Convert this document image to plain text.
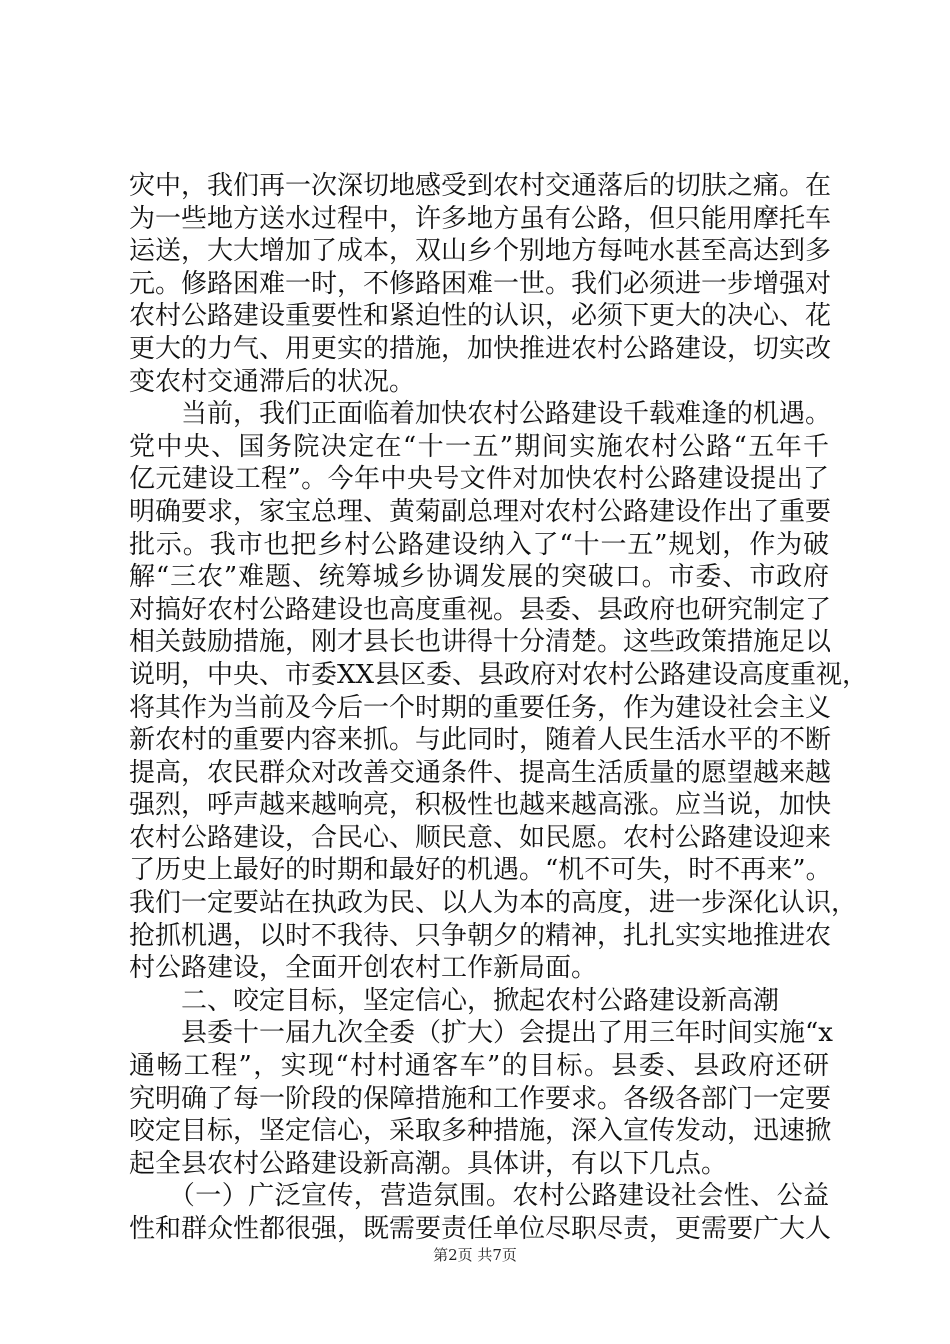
灾中，我们再一次深切地感受到农村交通落后的切肤之痛。在
为一些地方送水过程中，许多地方虽有公路，但只能用摩托车
运送，大大增加了成本，双山乡个别地方每吨水甚至高达到多
元。修路困难一时，不修路困难一世。我们必须进一步增强对
农村公路建设重要性和紧迫性的认识，必须下更大的决心、花
更大的力气、用更实的措施，加快推进农村公路建设，切实改
变农村交通滞后的状况。
　　当前，我们正面临着加快农村公路建设千载难逢的机遇。
党中央、国务院决定在“十一五”期间实施农村公路“五年千
亿元建设工程”。今年中央号文件对加快农村公路建设提出了
明确要求，家宝总理、黄菊副总理对农村公路建设作出了重要
批示。我市也把乡村公路建设纳入了“十一五”规划，作为破
解“三农”难题、统筹城乡协调发展的突破口。市委、市政府
对搞好农村公路建设也高度重视。县委、县政府也研究制定了
相关鼓励措施，刚才县长也讲得十分清楚。这些政策措施足以
说明，中央、市委XX县区委、县政府对农村公路建设高度重视，
将其作为当前及今后一个时期的重要任务，作为建设社会主义
新农村的重要内容来抓。与此同时，随着人民生活水平的不断
提高，农民群众对改善交通条件、提高生活质量的愿望越来越
强烈，呼声越来越响亮，积极性也越来越高涨。应当说，加快
农村公路建设，合民心、顺民意、如民愿。农村公路建设迎来
了历史上最好的时期和最好的机遇。“机不可失，时不再来”。
我们一定要站在执政为民、以人为本的高度，进一步深化认识，
抢抓机遇，以时不我待、只争朝夕的精神，扎扎实实地推进农
村公路建设，全面开创农村工作新局面。
　　二、咬定目标，坚定信心，掀起农村公路建设新高潮
　　县委十一届九次全委（扩大）会提出了用三年时间实施“x
通畅工程”，实现“村村通客车”的目标。县委、县政府还研
究明确了每一阶段的保障措施和工作要求。各级各部门一定要
咬定目标，坚定信心，采取多种措施，深入宣传发动，迅速掀
起全县农村公路建设新高潮。具体讲，有以下几点。
　　（一）广泛宣传，营造氛围。农村公路建设社会性、公益
性和群众性都很强，既需要责任单位尽职尽责，更需要广大人
第2页 共7页
